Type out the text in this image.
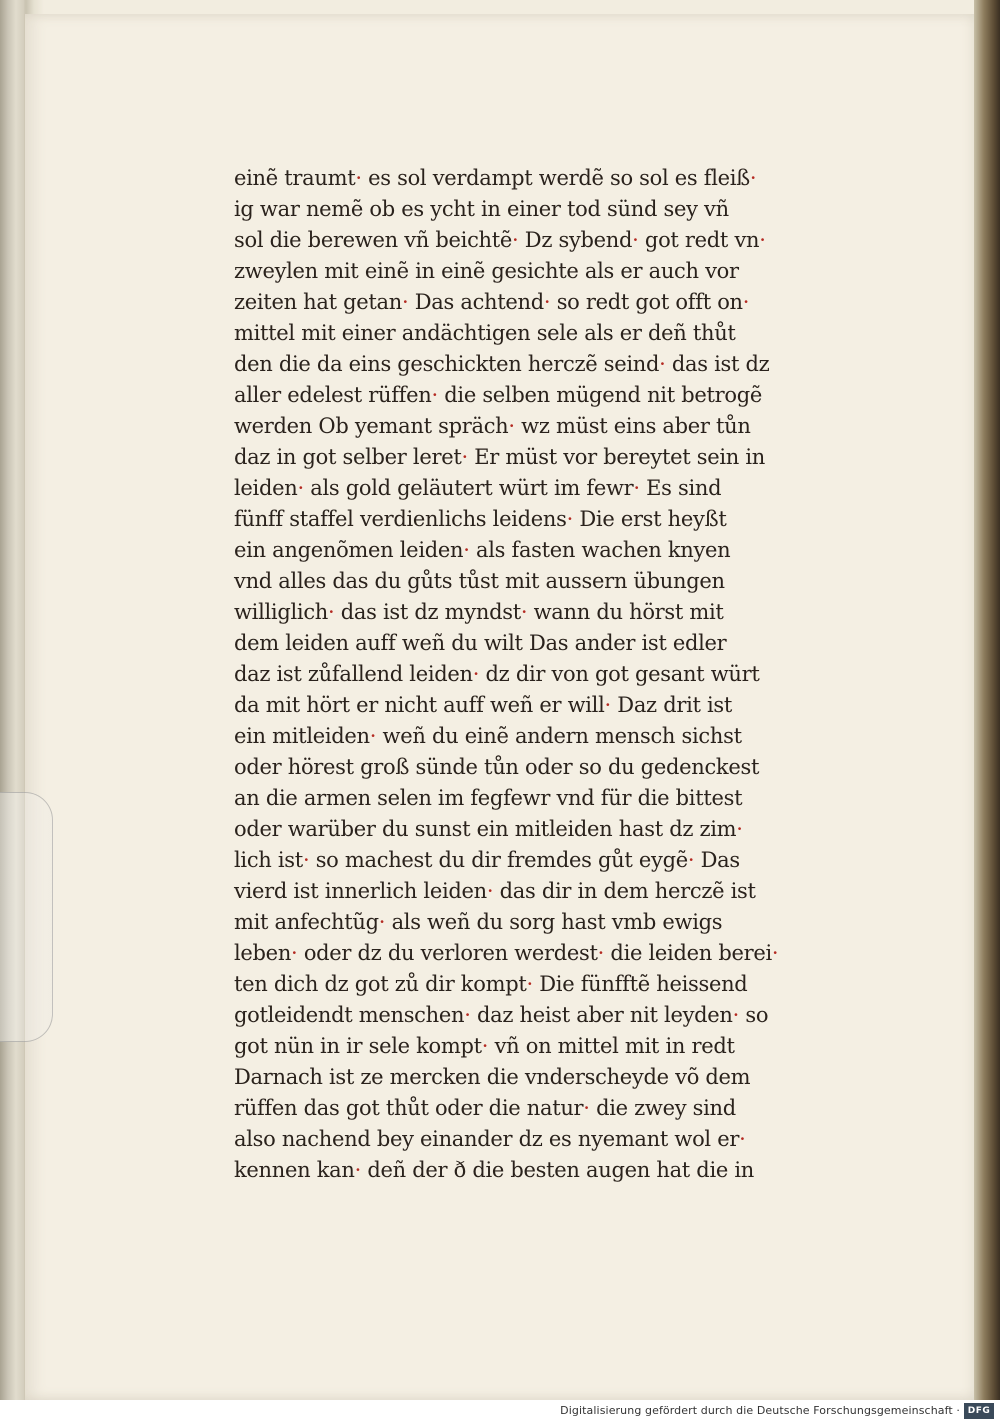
einẽ traumt· es sol verdampt werdẽ so sol es fleiß·
ig war nemẽ ob es ycht in einer tod sünd sey vñ
sol die berewen vñ beichtẽ· Dz sybend· got redt vn·
zweylen mit einẽ in einẽ gesichte als er auch vor
zeiten hat getan· Das achtend· so redt got offt on·
mittel mit einer andächtigen sele als er deñ thůt
den die da eins geschickten herczẽ seind· das ist dz
aller edelest rüffen· die selben mügend nit betrogẽ
werden Ob yemant spräch· wz müst eins aber tůn
daz in got selber leret· Er müst vor bereytet sein in
leiden· als gold geläutert würt im fewr· Es sind
fünff staffel verdienlichs leidens· Die erst heyßt
ein angenõmen leiden· als fasten wachen knyen
vnd alles das du gůts tůst mit aussern übungen
williglich· das ist dz myndst· wann du hörst mit
dem leiden auff weñ du wilt Das ander ist edler
daz ist zůfallend leiden· dz dir von got gesant würt
da mit hört er nicht auff weñ er will· Daz drit ist
ein mitleiden· weñ du einẽ andern mensch sichst
oder hörest groß sünde tůn oder so du gedenckest
an die armen selen im fegfewr vnd für die bittest
oder warüber du sunst ein mitleiden hast dz zim·
lich ist· so machest du dir fremdes gůt eygẽ· Das
vierd ist innerlich leiden· das dir in dem herczẽ ist
mit anfechtũg· als weñ du sorg hast vmb ewigs
leben· oder dz du verloren werdest· die leiden berei·
ten dich dz got zů dir kompt· Die fünfftẽ heissend
gotleidendt menschen· daz heist aber nit leyden· so
got nün in ir sele kompt· vñ on mittel mit in redt
Darnach ist ze mercken die vnderscheyde võ dem
rüffen das got thůt oder die natur· die zwey sind
also nachend bey einander dz es nyemant wol er·
kennen kan· deñ der ð die besten augen hat die in
Digitalisierung gefördert durch die Deutsche Forschungsgemeinschaft · DFG
